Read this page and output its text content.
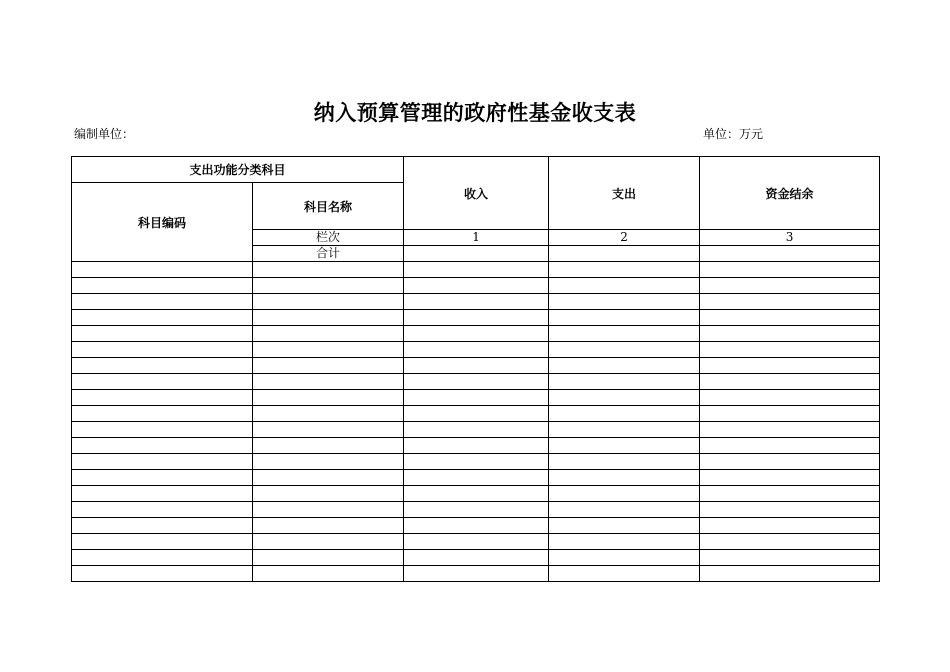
纳入预算管理的政府性基金收支表
编制单位：	单位：万元
支出功能分类科目		收入	支出	资金结余
科目编码	科目名称			
	栏次	1	2	3
	合计			
